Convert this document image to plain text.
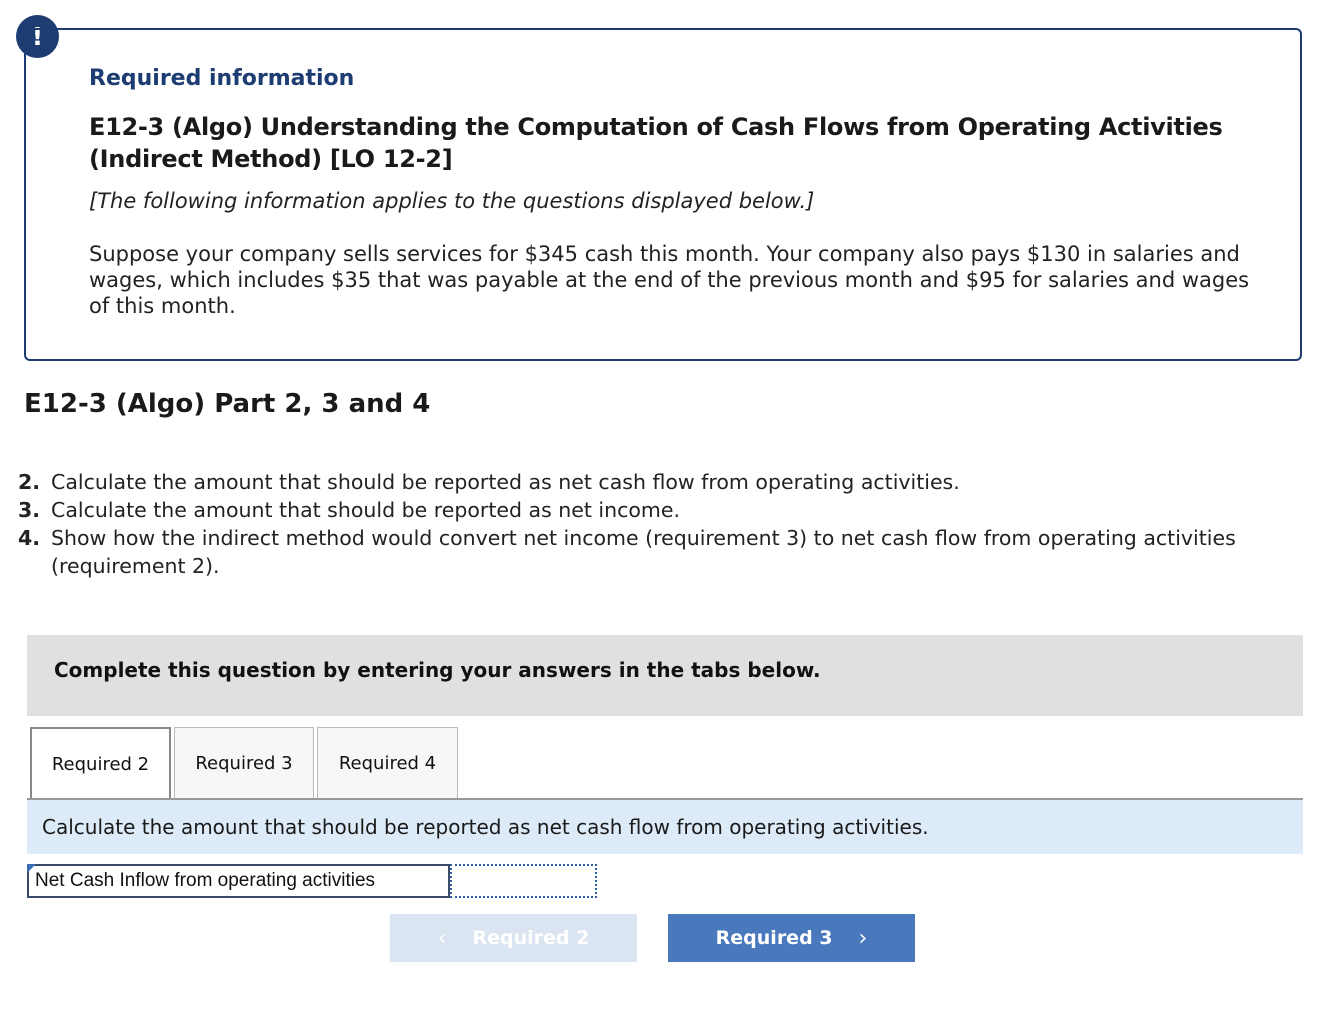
!
Required information
E12-3 (Algo) Understanding the Computation of Cash Flows from Operating Activities (Indirect Method) [LO 12-2]
[The following information applies to the questions displayed below.]
Suppose your company sells services for $345 cash this month. Your company also pays $130 in salaries and wages, which includes $35 that was payable at the end of the previous month and $95 for salaries and wages of this month.
E12-3 (Algo) Part 2, 3 and 4
2. Calculate the amount that should be reported as net cash flow from operating activities.
3. Calculate the amount that should be reported as net income.
4. Show how the indirect method would convert net income (requirement 3) to net cash flow from operating activities (requirement 2).
Complete this question by entering your answers in the tabs below.
Required 2	Required 3	Required 4
Calculate the amount that should be reported as net cash flow from operating activities.
Net Cash Inflow from operating activities
‹ Required 2	Required 3 ›
